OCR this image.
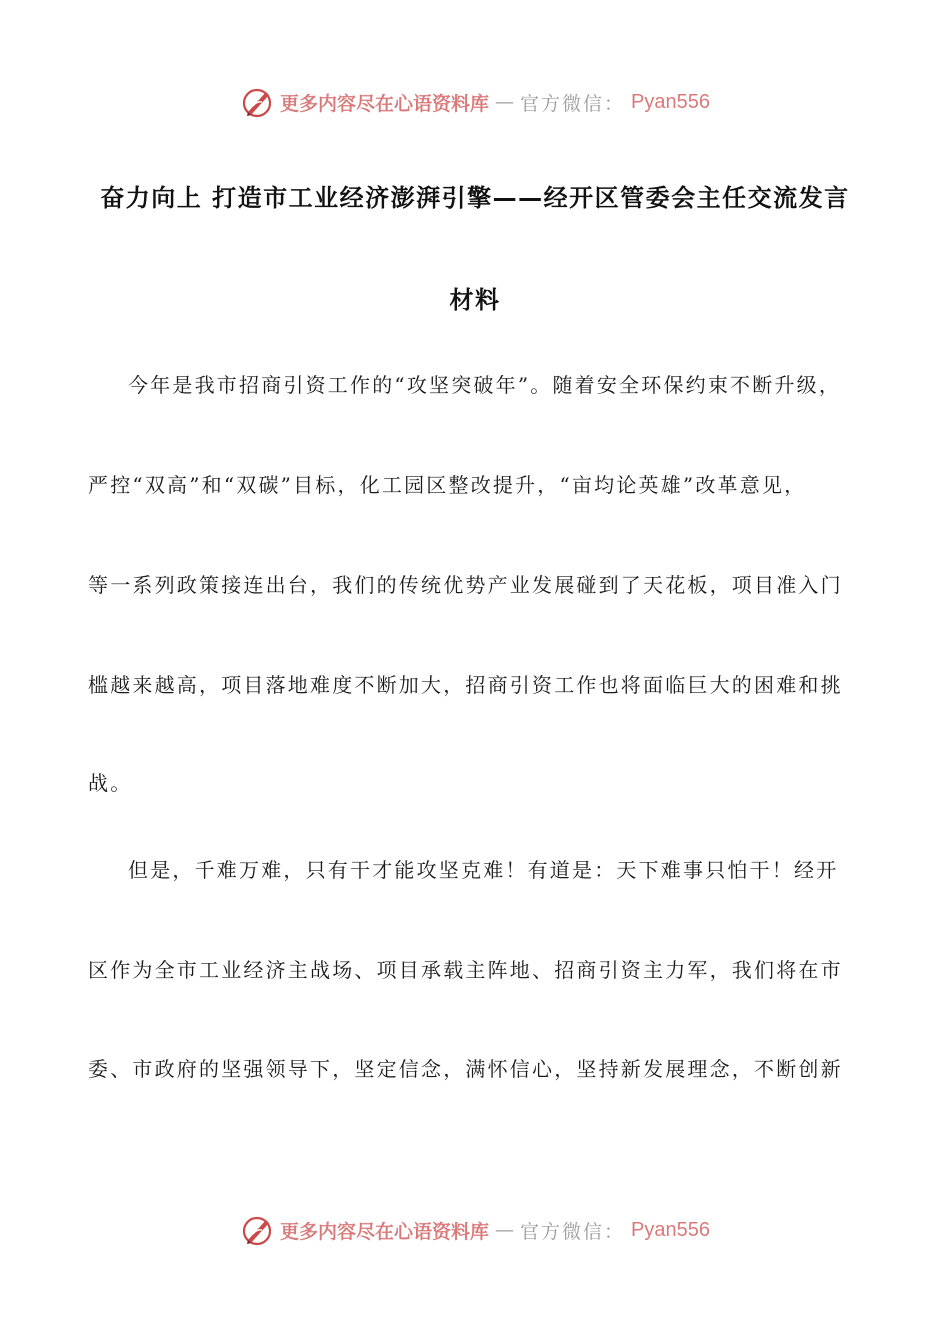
更多内容尽在心语资料库 — 官方微信： Pyan556
奋力向上 打造市工业经济澎湃引擎——经开区管委会主任交流发言
材料
今年是我市招商引资工作的“攻坚突破年”。随着安全环保约束不断升级，
严控“双高”和“双碳”目标，化工园区整改提升，“亩均论英雄”改革意见，
等一系列政策接连出台，我们的传统优势产业发展碰到了天花板，项目准入门
槛越来越高，项目落地难度不断加大，招商引资工作也将面临巨大的困难和挑
战。
但是，千难万难，只有干才能攻坚克难！有道是：天下难事只怕干！经开
区作为全市工业经济主战场、项目承载主阵地、招商引资主力军，我们将在市
委、市政府的坚强领导下，坚定信念，满怀信心，坚持新发展理念，不断创新
更多内容尽在心语资料库 — 官方微信： Pyan556
